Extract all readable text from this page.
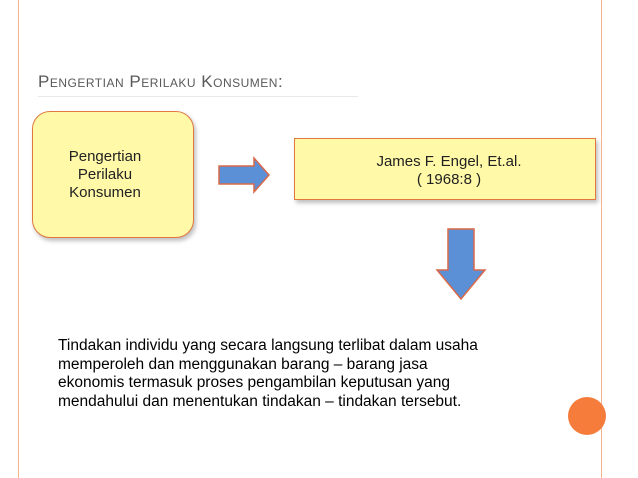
Pengertian Perilaku Konsumen:
Pengertian
Perilaku
Konsumen
James F. Engel, Et.al.
( 1968:8 )
Tindakan individu yang secara langsung terlibat dalam usaha
memperoleh dan menggunakan barang – barang jasa
ekonomis termasuk proses pengambilan keputusan yang
mendahului dan menentukan tindakan – tindakan tersebut.
